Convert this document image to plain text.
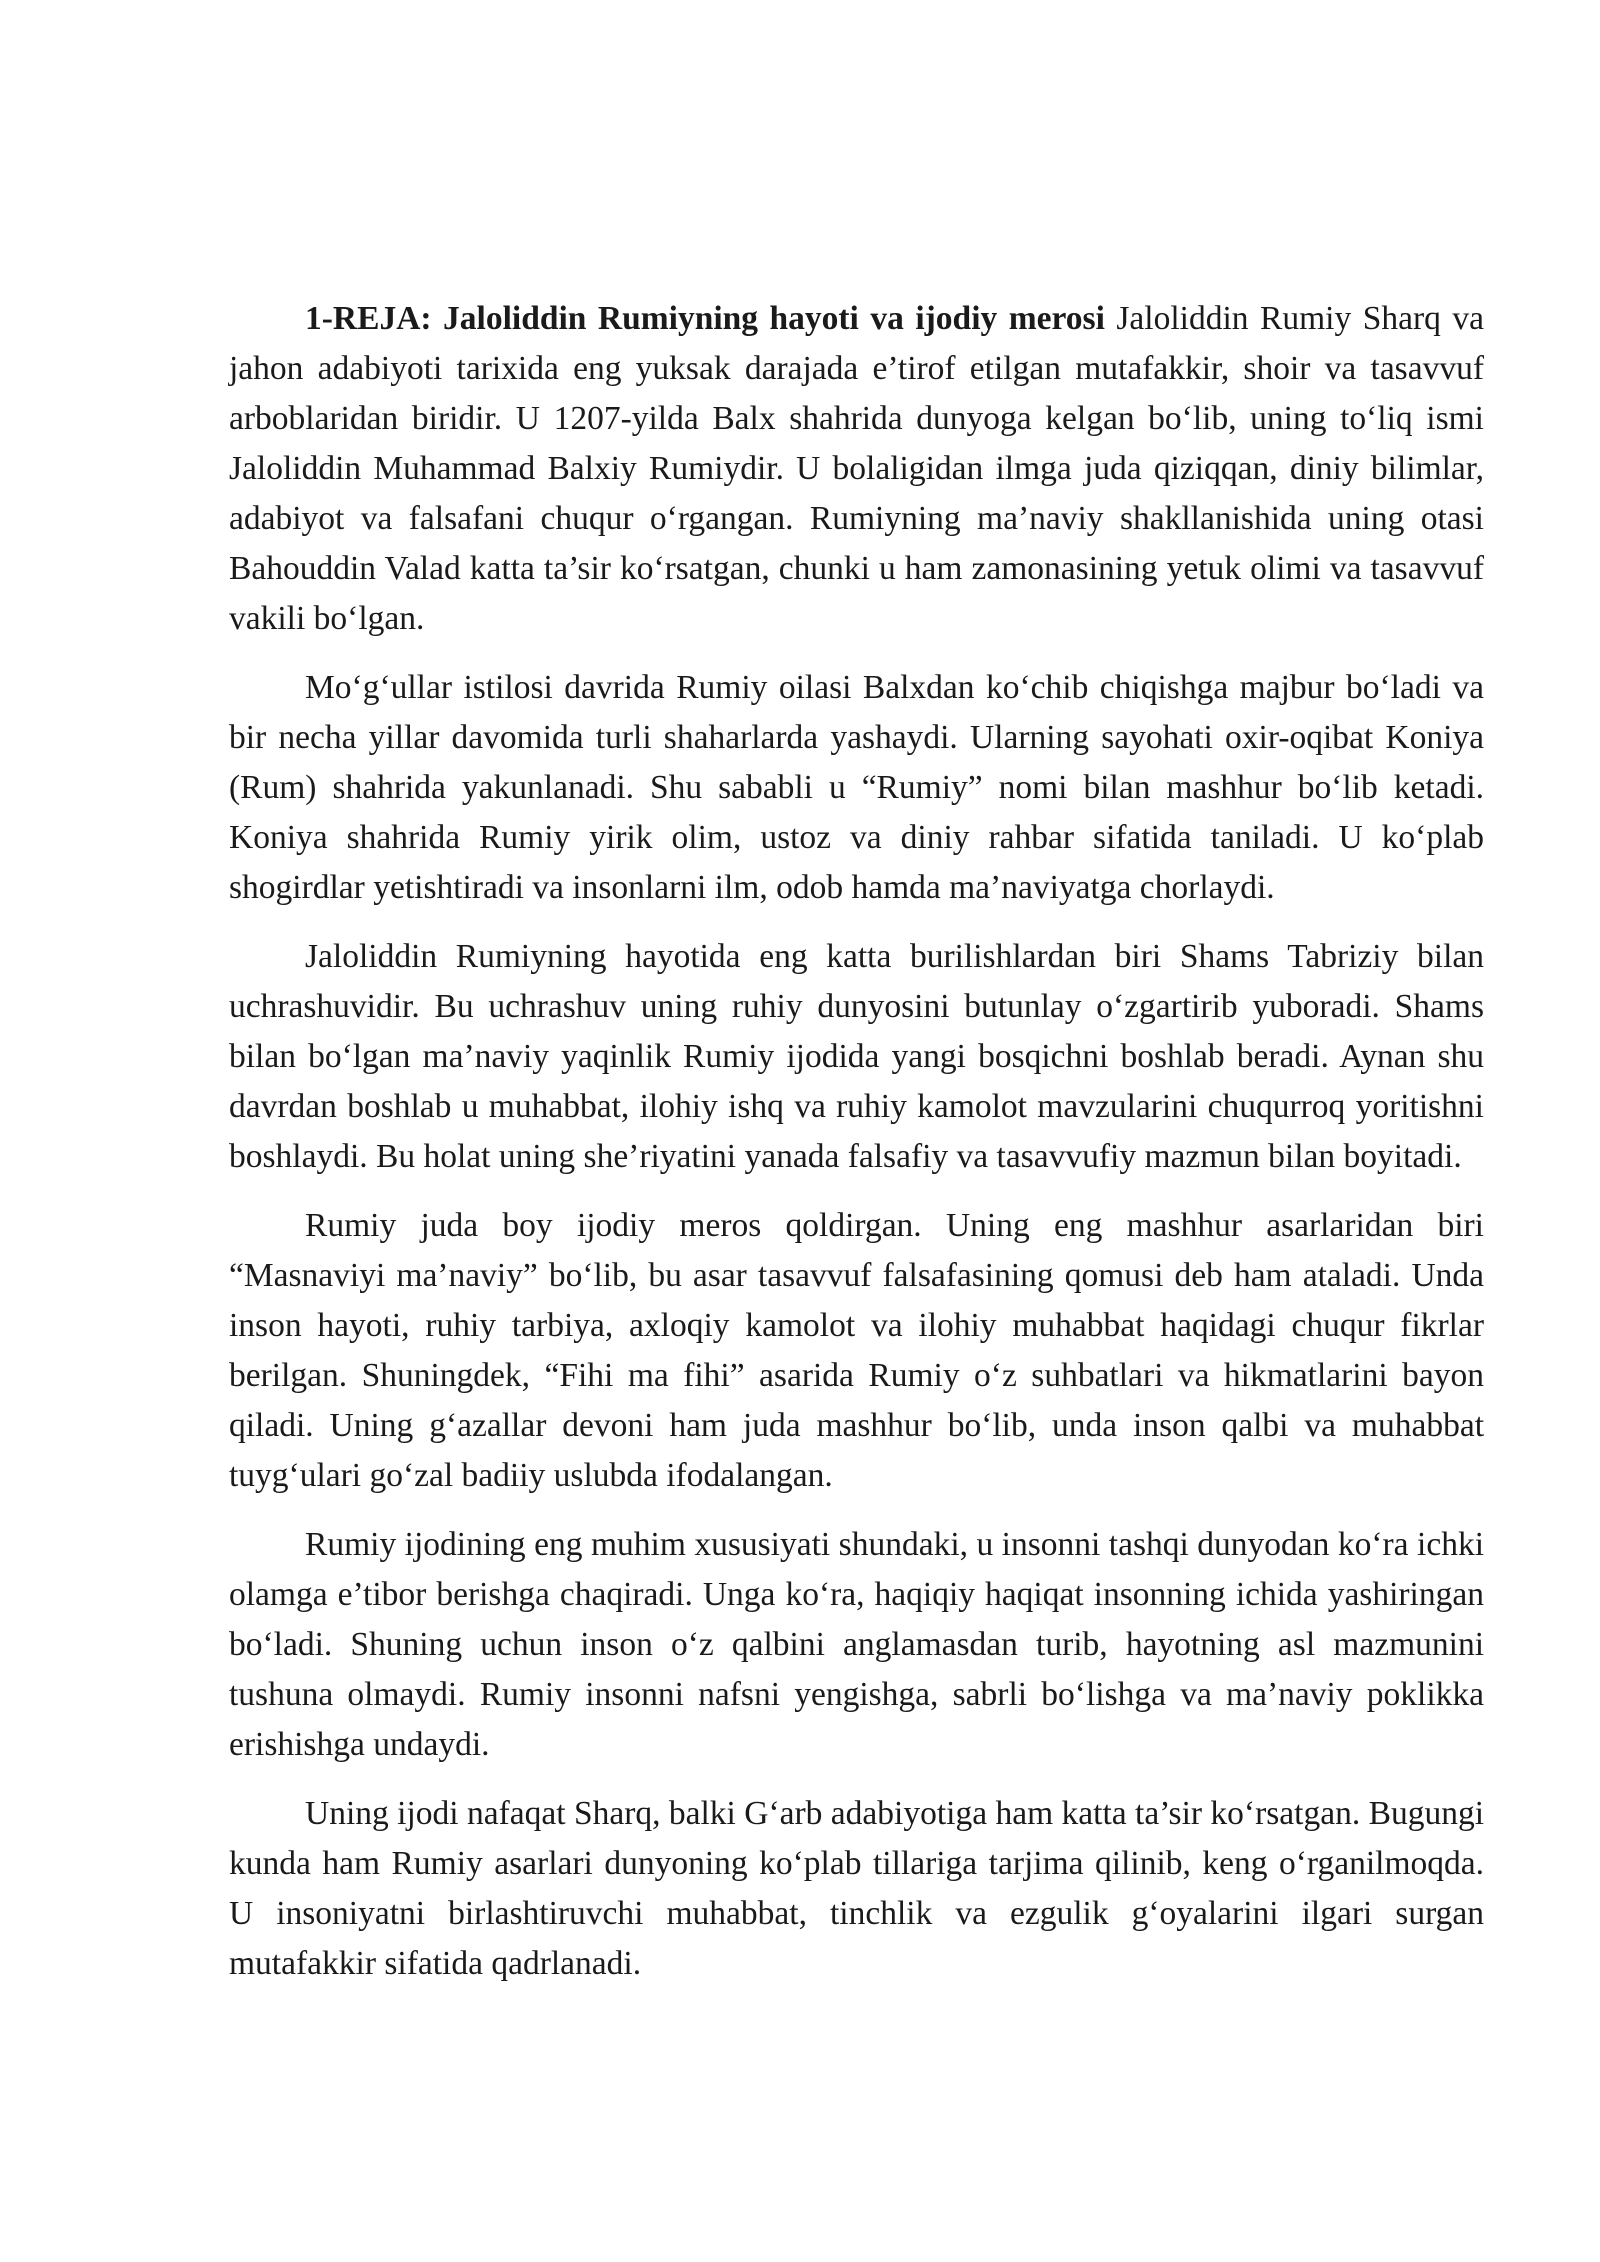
1-REJA: Jaloliddin Rumiyning hayoti va ijodiy merosi Jaloliddin Rumiy Sharq va jahon adabiyoti tarixida eng yuksak darajada e’tirof etilgan mutafakkir, shoir va tasavvuf arboblaridan biridir. U 1207-yilda Balx shahrida dunyoga kelgan bo‘lib, uning to‘liq ismi Jaloliddin Muhammad Balxiy Rumiydir. U bolaligidan ilmga juda qiziqqan, diniy bilimlar, adabiyot va falsafani chuqur o‘rgangan. Rumiyning ma’naviy shakllanishida uning otasi Bahouddin Valad katta ta’sir ko‘rsatgan, chunki u ham zamonasining yetuk olimi va tasavvuf vakili bo‘lgan.

Mo‘g‘ullar istilosi davrida Rumiy oilasi Balxdan ko‘chib chiqishga majbur bo‘ladi va bir necha yillar davomida turli shaharlarda yashaydi. Ularning sayohati oxir-oqibat Koniya (Rum) shahrida yakunlanadi. Shu sababli u “Rumiy” nomi bilan mashhur bo‘lib ketadi. Koniya shahrida Rumiy yirik olim, ustoz va diniy rahbar sifatida taniladi. U ko‘plab shogirdlar yetishtiradi va insonlarni ilm, odob hamda ma’naviyatga chorlaydi.

Jaloliddin Rumiyning hayotida eng katta burilishlardan biri Shams Tabriziy bilan uchrashuvidir. Bu uchrashuv uning ruhiy dunyosini butunlay o‘zgartirib yuboradi. Shams bilan bo‘lgan ma’naviy yaqinlik Rumiy ijodida yangi bosqichni boshlab beradi. Aynan shu davrdan boshlab u muhabbat, ilohiy ishq va ruhiy kamolot mavzularini chuqurroq yoritishni boshlaydi. Bu holat uning she’riyatini yanada falsafiy va tasavvufiy mazmun bilan boyitadi.

Rumiy juda boy ijodiy meros qoldirgan. Uning eng mashhur asarlaridan biri “Masnaviyi ma’naviy” bo‘lib, bu asar tasavvuf falsafasining qomusi deb ham ataladi. Unda inson hayoti, ruhiy tarbiya, axloqiy kamolot va ilohiy muhabbat haqidagi chuqur fikrlar berilgan. Shuningdek, “Fihi ma fihi” asarida Rumiy o‘z suhbatlari va hikmatlarini bayon qiladi. Uning g‘azallar devoni ham juda mashhur bo‘lib, unda inson qalbi va muhabbat tuyg‘ulari go‘zal badiiy uslubda ifodalangan.

Rumiy ijodining eng muhim xususiyati shundaki, u insonni tashqi dunyodan ko‘ra ichki olamga e’tibor berishga chaqiradi. Unga ko‘ra, haqiqiy haqiqat insonning ichida yashiringan bo‘ladi. Shuning uchun inson o‘z qalbini anglamasdan turib, hayotning asl mazmunini tushuna olmaydi. Rumiy insonni nafsni yengishga, sabrli bo‘lishga va ma’naviy poklikka erishishga undaydi.

Uning ijodi nafaqat Sharq, balki G‘arb adabiyotiga ham katta ta’sir ko‘rsatgan. Bugungi kunda ham Rumiy asarlari dunyoning ko‘plab tillariga tarjima qilinib, keng o‘rganilmoqda. U insoniyatni birlashtiruvchi muhabbat, tinchlik va ezgulik g‘oyalarini ilgari surgan mutafakkir sifatida qadrlanadi.
